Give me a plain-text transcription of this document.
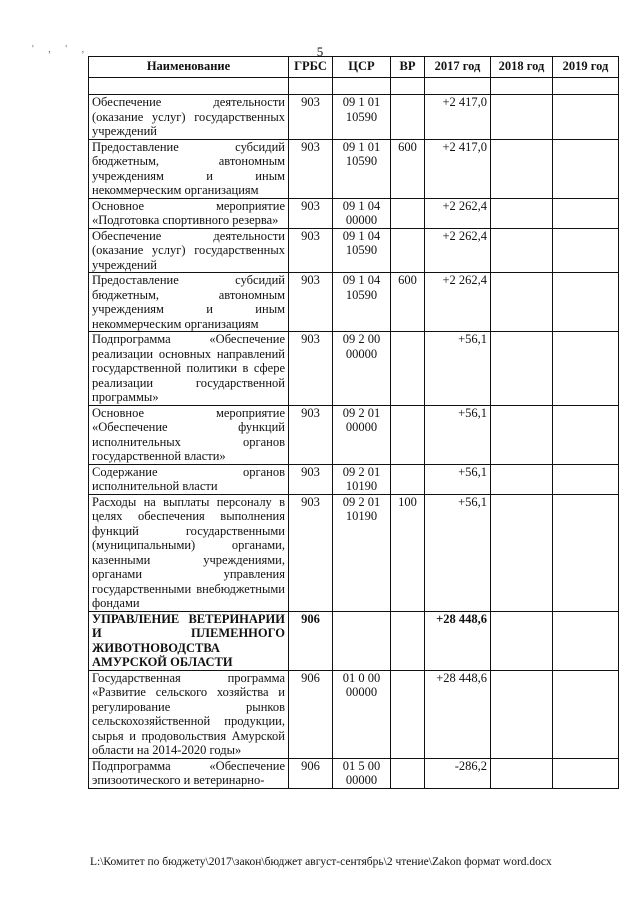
' , ' ,	5
Наименование	ГРБС	ЦСР	ВР	2017 год	2018 год	2019 год

Обеспечение деятельности (оказание услуг) государственных учреждений	903	09 1 01 10590		+2 417,0		
Предоставление субсидий бюджетным, автономным учреждениям и иным некоммерческим организациям	903	09 1 01 10590	600	+2 417,0		
Основное мероприятие «Подготовка спортивного резерва»	903	09 1 04 00000		+2 262,4		
Обеспечение деятельности (оказание услуг) государственных учреждений	903	09 1 04 10590		+2 262,4		
Предоставление субсидий бюджетным, автономным учреждениям и иным некоммерческим организациям	903	09 1 04 10590	600	+2 262,4		
Подпрограмма «Обеспечение реализации основных направлений государственной политики в сфере реализации государственной программы»	903	09 2 00 00000		+56,1		
Основное мероприятие «Обеспечение функций исполнительных органов государственной власти»	903	09 2 01 00000		+56,1		
Содержание органов исполнительной власти	903	09 2 01 10190		+56,1		
Расходы на выплаты персоналу в целях обеспечения выполнения функций государственными (муниципальными) органами, казенными учреждениями, органами управления государственными внебюджетными фондами	903	09 2 01 10190	100	+56,1		
УПРАВЛЕНИЕ ВЕТЕРИНАРИИ И ПЛЕМЕННОГО ЖИВОТНОВОДСТВА АМУРСКОЙ ОБЛАСТИ	906			+28 448,6		
Государственная программа «Развитие сельского хозяйства и регулирование рынков сельскохозяйственной продукции, сырья и продовольствия Амурской области на 2014-2020 годы»	906	01 0 00 00000		+28 448,6		
Подпрограмма «Обеспечение эпизоотического и ветеринарно-	906	01 5 00 00000		-286,2		
L:\Комитет по бюджету\2017\закон\бюджет август-сентябрь\2 чтение\Zakon формат word.docx
